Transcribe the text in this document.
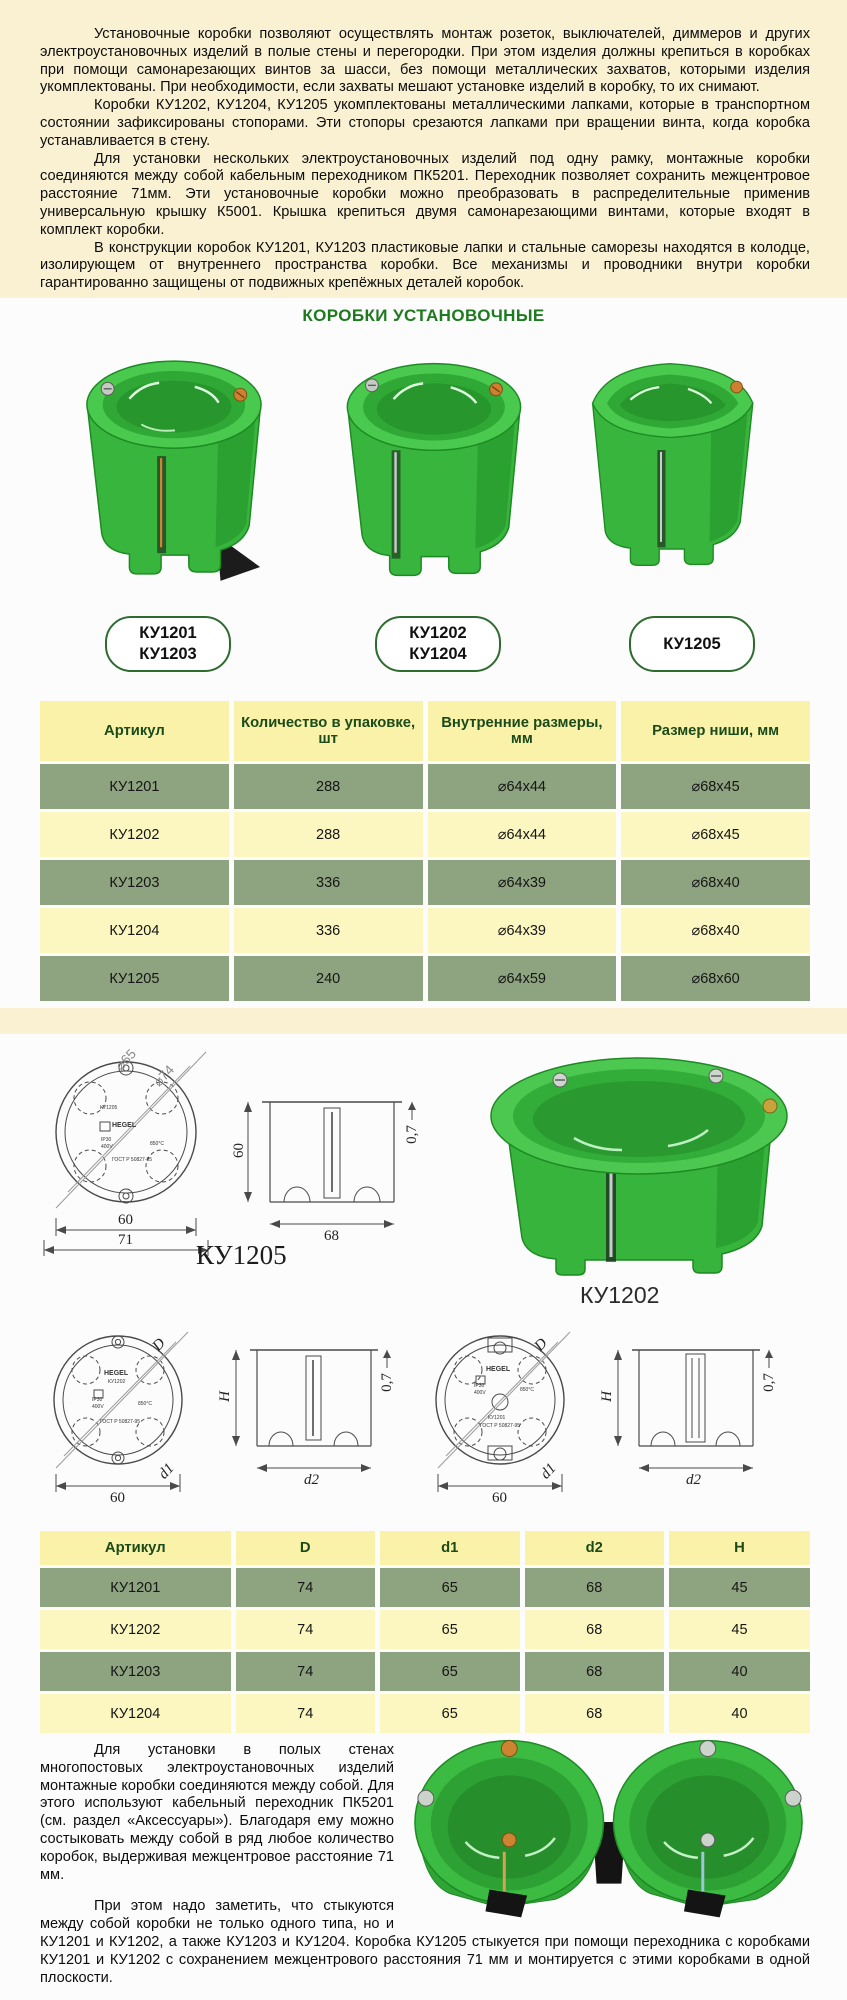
Установочные коробки позволяют осуществлять монтаж розеток, выключателей, диммеров и других электроустановочных изделий в полые стены и перегородки. При этом изделия должны крепиться в коробках при помощи самонарезающих винтов за шасси, без помощи металлических захватов, которыми изделия укомплектованы. При необходимости, если захваты мешают установке изделий в коробку, то их снимают.

Коробки КУ1202, КУ1204, КУ1205 укомплектованы металлическими лапками, которые в транспортном состоянии зафиксированы стопорами. Эти стопоры срезаются лапками при вращении винта, когда коробка устанавливается в стену.

Для установки нескольких электроустановочных изделий под одну рамку, монтажные коробки соединяются между собой кабельным переходником ПК5201. Переходник позволяет сохранить межцентровое расстояние 71мм. Эти установочные коробки можно преобразовать в распределительные применив универсальную крышку К5001. Крышка крепиться двумя самонарезающими винтами, которые входят в комплект коробки.

В конструкции коробок КУ1201, КУ1203 пластиковые лапки и стальные саморезы находятся в колодце, изолирующем от внутреннего пространства коробки. Все механизмы и проводники внутри коробки гарантированно защищены от подвижных крепёжных деталей коробок.

КОРОБКИ УСТАНОВОЧНЫЕ
КУ1201
КУ1203
КУ1202
КУ1204
КУ1205
Артикул	Количество в упаковке, шт	Внутренние размеры, мм	Размер ниши, мм
КУ1201	288	⌀64x44	⌀68x45
КУ1202	288	⌀64x44	⌀68x45
КУ1203	336	⌀64x39	⌀68x40
КУ1204	336	⌀64x39	⌀68x40
КУ1205	240	⌀64x59	⌀68x60
⌀65
⌀74
60
71
КУ1205
HEGEL
IP30
400V	850°C
ГОСТ Р 50827-95
60
68
0,7
КУ1205
КУ1202
D
d1
60
HEGEL
КУ1202
IP30
400V	850°C
ГОСТ Р 50827-95
H
d2
0,7
D
d1
60
HEGEL
IP30
400V	850°C
КУ1201
ГОСТ Р 50827-95
H
d2
0,7
Артикул	D	d1	d2	H
КУ1201	74	65	68	45
КУ1202	74	65	68	45
КУ1203	74	65	68	40
КУ1204	74	65	68	40

Для установки в полых стенах многопостовых электроустановочных изделий монтажные коробки соединяются между собой. Для этого используют кабельный переходник ПК5201 (см. раздел «Аксессуары»). Благодаря ему можно состыковать между собой в ряд любое количество коробок, выдерживая межцентровое расстояние 71 мм.

При этом надо заметить, что стыкуются между собой коробки не только одного типа, но и КУ1201 и КУ1202, а также КУ1203 и КУ1204. Коробка КУ1205 стыкуется при помощи переходника с коробками КУ1201 и КУ1202 с сохранением межцентрового расстояния 71 мм и монтируется с этими коробками в одной плоскости.
